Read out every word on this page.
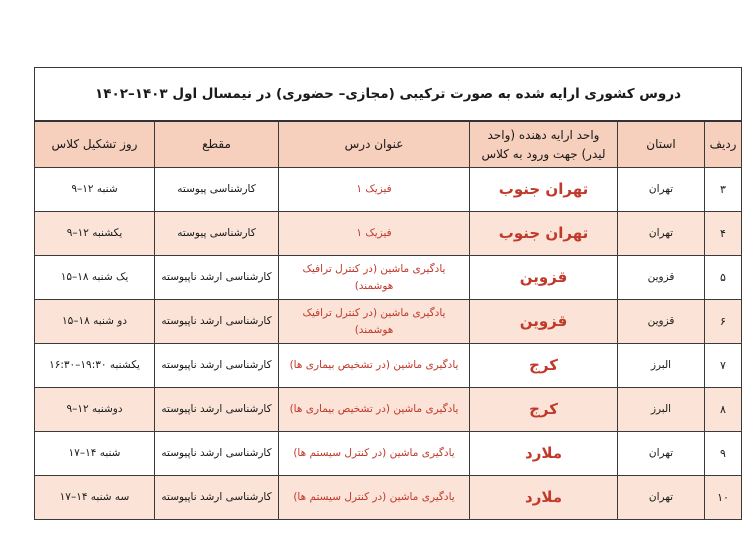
دروس کشوری ارایه شده به صورت ترکیبی (مجازی– حضوری) در نیمسال اول ۱۴۰۳–۱۴۰۲					
ردیف	استان	واحد ارایه دهنده (واحد لیدر) جهت ورود به کلاس	عنوان درس	مقطع	روز تشکیل کلاس
۳	تهران	تهران جنوب	فیزیک ۱	کارشناسی پیوسته	شنبه ۱۲–۹
۴	تهران	تهران جنوب	فیزیک ۱	کارشناسی پیوسته	یکشنبه ۱۲–۹
۵	قزوین	قزوین	یادگیری ماشین (در کنترل ترافیک هوشمند)	کارشناسی ارشد ناپیوسته	یک شنبه ۱۸–۱۵
۶	قزوین	قزوین	یادگیری ماشین (در کنترل ترافیک هوشمند)	کارشناسی ارشد ناپیوسته	دو شنبه ۱۸–۱۵
۷	البرز	کرج	یادگیری ماشین (در تشخیص بیماری ها)	کارشناسی ارشد ناپیوسته	یکشنبه ۱۹:۳۰–۱۶:۳۰
۸	البرز	کرج	یادگیری ماشین (در تشخیص بیماری ها)	کارشناسی ارشد ناپیوسته	دوشنبه ۱۲–۹
۹	تهران	ملارد	یادگیری ماشین (در کنترل سیستم ها)	کارشناسی ارشد ناپیوسته	شنبه ۱۴–۱۷
۱۰	تهران	ملارد	یادگیری ماشین (در کنترل سیستم ها)	کارشناسی ارشد ناپیوسته	سه شنبه ۱۴–۱۷
